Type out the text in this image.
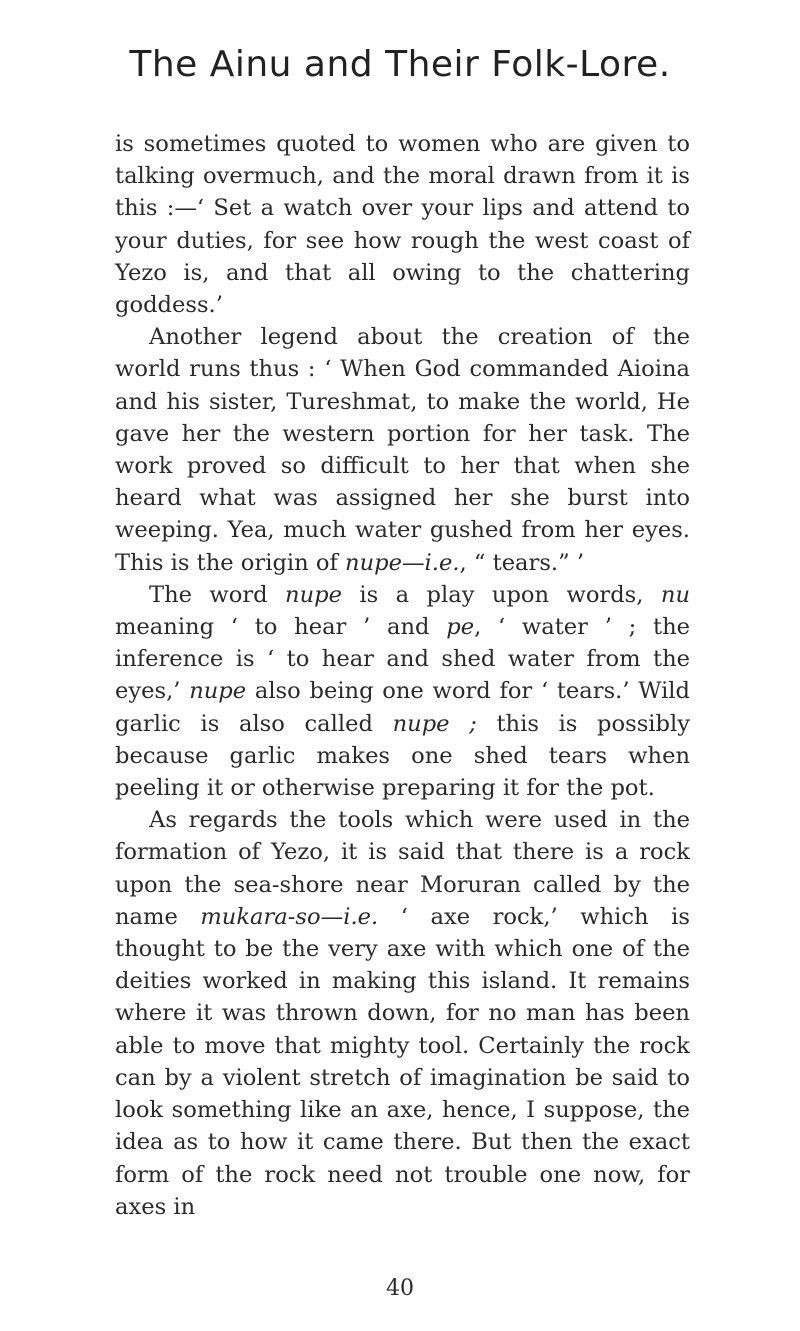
The Ainu and Their Folk-Lore.

is sometimes quoted to women who are given to talking overmuch, and the moral drawn from it is this :—‘ Set a watch over your lips and attend to your duties, for see how rough the west coast of Yezo is, and that all owing to the chattering goddess.’

Another legend about the creation of the world runs thus : ‘ When God commanded Aioina and his sister, Tureshmat, to make the world, He gave her the western portion for her task. The work proved so difficult to her that when she heard what was assigned her she burst into weeping. Yea, much water gushed from her eyes. This is the origin of nupe—i.e., “ tears.” ’

The word nupe is a play upon words, nu meaning ‘ to hear ’ and pe, ‘ water ’ ; the inference is ‘ to hear and shed water from the eyes,’ nupe also being one word for ‘ tears.’ Wild garlic is also called nupe ; this is possibly because garlic makes one shed tears when peeling it or otherwise preparing it for the pot.

As regards the tools which were used in the formation of Yezo, it is said that there is a rock upon the sea-shore near Moruran called by the name mukara-so—i.e. ‘ axe rock,’ which is thought to be the very axe with which one of the deities worked in making this island. It remains where it was thrown down, for no man has been able to move that mighty tool. Certainly the rock can by a violent stretch of imagination be said to look something like an axe, hence, I suppose, the idea as to how it came there. But then the exact form of the rock need not trouble one now, for axes in

40
